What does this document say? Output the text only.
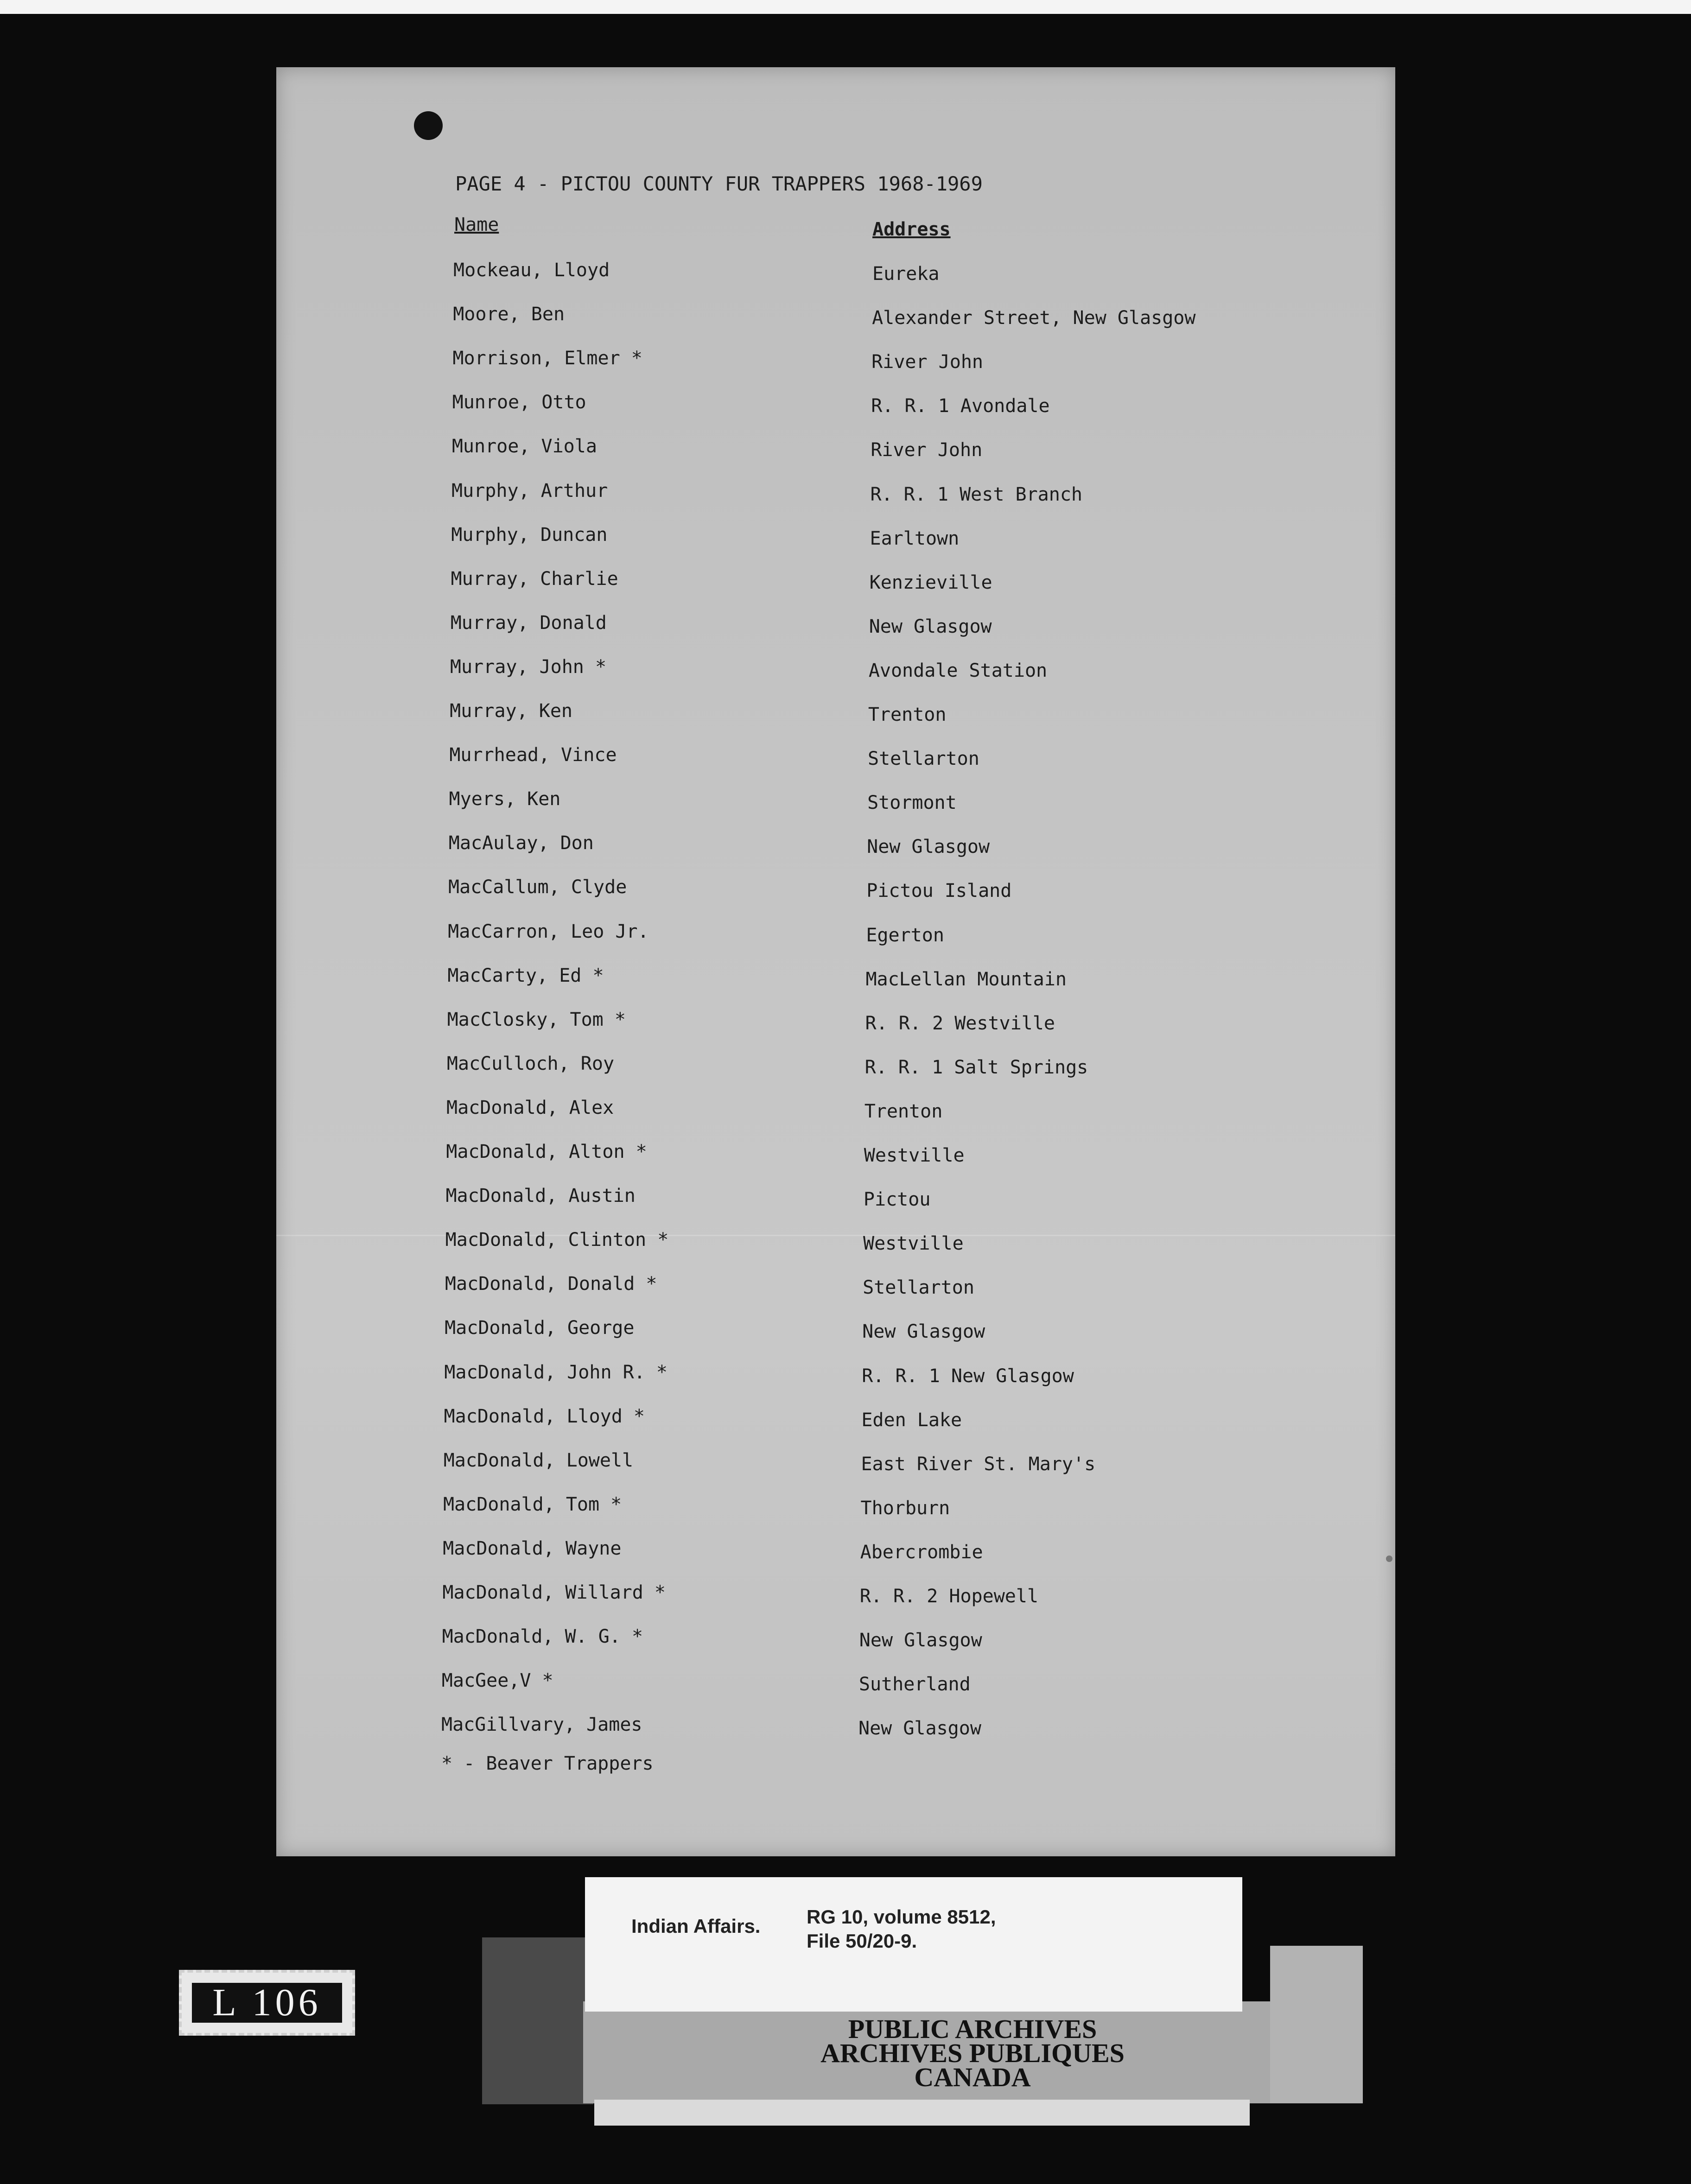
PAGE 4 - PICTOU COUNTY FUR TRAPPERS 1968-1969
Name	Address
Mockeau, Lloyd	Eureka
Moore, Ben	Alexander Street, New Glasgow
Morrison, Elmer *	River John
Munroe, Otto	R. R. 1 Avondale
Munroe, Viola	River John
Murphy, Arthur	R. R. 1 West Branch
Murphy, Duncan	Earltown
Murray, Charlie	Kenzieville
Murray, Donald	New Glasgow
Murray, John *	Avondale Station
Murray, Ken	Trenton
Murrhead, Vince	Stellarton
Myers, Ken	Stormont
MacAulay, Don	New Glasgow
MacCallum, Clyde	Pictou Island
MacCarron, Leo Jr.	Egerton
MacCarty, Ed *	MacLellan Mountain
MacClosky, Tom *	R. R. 2 Westville
MacCulloch, Roy	R. R. 1 Salt Springs
MacDonald, Alex	Trenton
MacDonald, Alton *	Westville
MacDonald, Austin	Pictou
MacDonald, Clinton *	Westville
MacDonald, Donald *	Stellarton
MacDonald, George	New Glasgow
MacDonald, John R. *	R. R. 1 New Glasgow
MacDonald, Lloyd *	Eden Lake
MacDonald, Lowell	East River St. Mary's
MacDonald, Tom *	Thorburn
MacDonald, Wayne	Abercrombie
MacDonald, Willard *	R. R. 2 Hopewell
MacDonald, W. G. *	New Glasgow
MacGee,V *	Sutherland
MacGillvary, James	New Glasgow
* - Beaver Trappers
Indian Affairs. RG 10, volume 8512,
File 50/20-9.
PUBLIC ARCHIVES
ARCHIVES PUBLIQUES
CANADA
L 106
